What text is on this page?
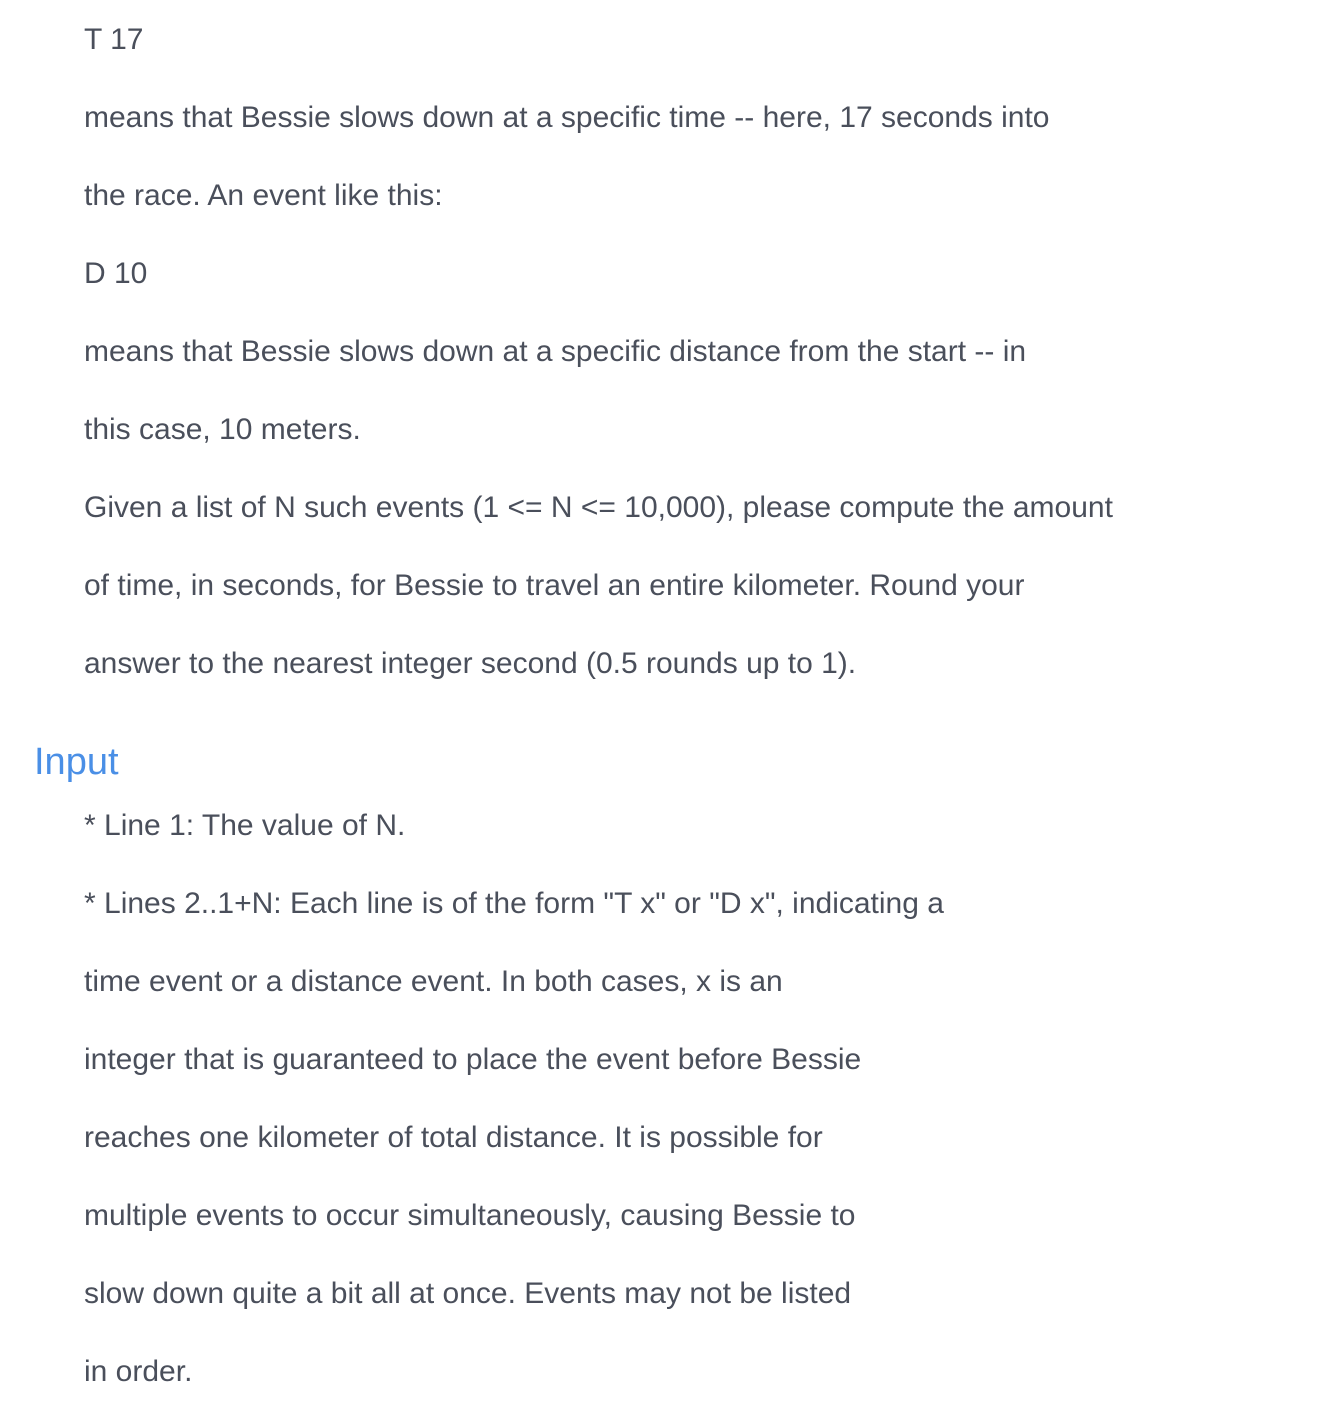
T 17
means that Bessie slows down at a specific time -- here, 17 seconds into
the race. An event like this:
D 10
means that Bessie slows down at a specific distance from the start -- in
this case, 10 meters.
Given a list of N such events (1 <= N <= 10,000), please compute the amount
of time, in seconds, for Bessie to travel an entire kilometer. Round your
answer to the nearest integer second (0.5 rounds up to 1).
Input
* Line 1: The value of N.
* Lines 2..1+N: Each line is of the form "T x" or "D x", indicating a
time event or a distance event. In both cases, x is an
integer that is guaranteed to place the event before Bessie
reaches one kilometer of total distance. It is possible for
multiple events to occur simultaneously, causing Bessie to
slow down quite a bit all at once. Events may not be listed
in order.
